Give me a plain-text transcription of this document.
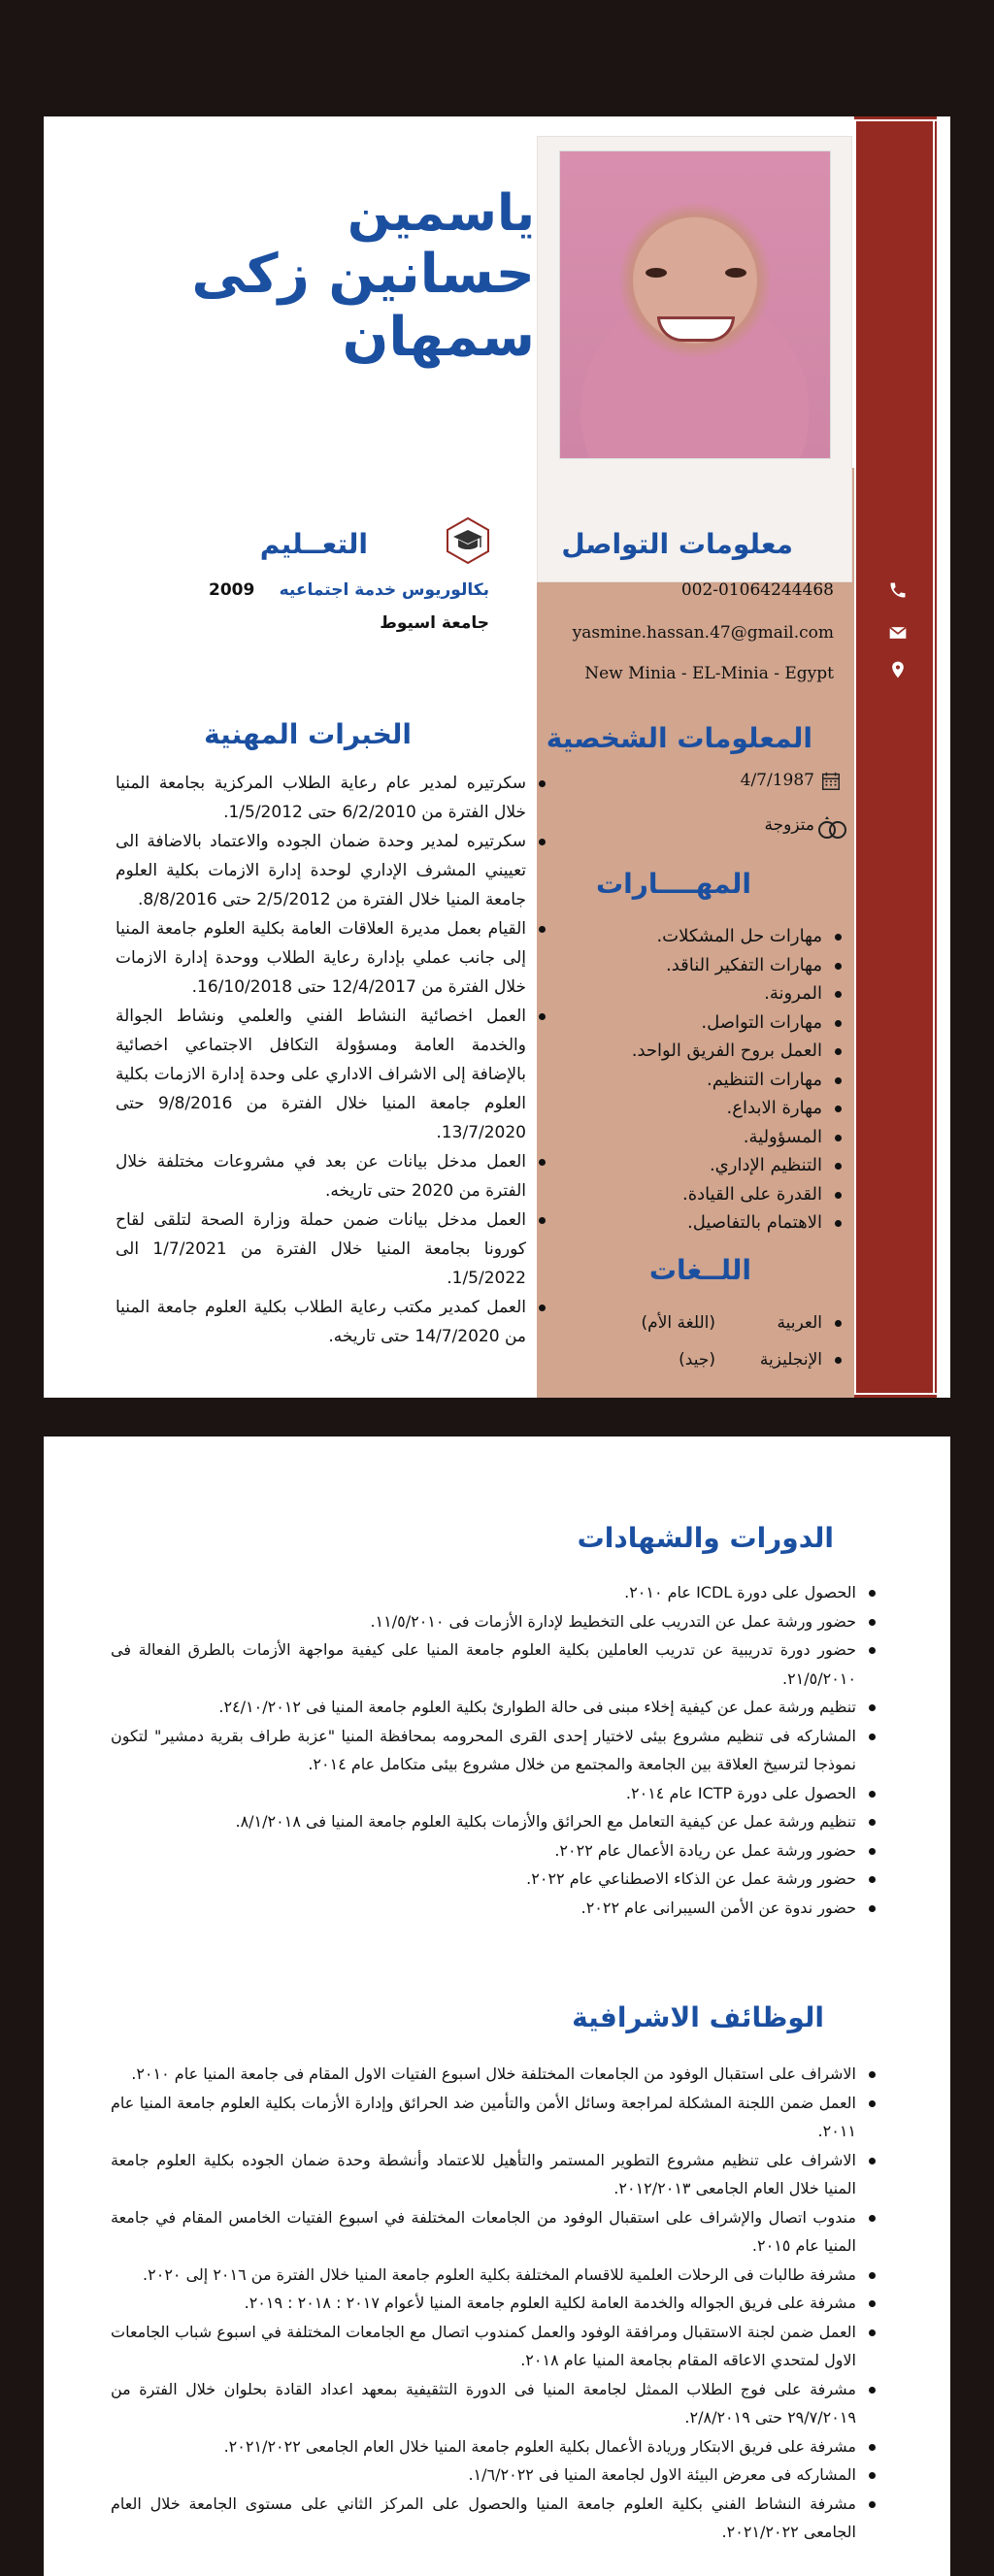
ياسمين
حسانين زكى سمهان
معلومات التواصل
002-01064244468
yasmine.hassan.47@gmail.com
New Minia - EL-Minia - Egypt
المعلومات الشخصية
4/7/1987
متزوجة
المهــــارات
مهارات حل المشكلات.
مهارات التفكير الناقد.
المرونة.
مهارات التواصل.
العمل بروح الفريق الواحد.
مهارات التنظيم.
مهارة الابداع.
المسؤولية.
التنظيم الإداري.
القدرة على القيادة.
الاهتمام بالتفاصيل.
اللــغات
العربية(اللغة الأم)
الإنجليزية(جيد)
التعــليم
بكالوريوس خدمة اجتماعيه
2009
جامعة اسيوط
الخبرات المهنية
سكرتيره لمدير عام رعاية الطلاب المركزية بجامعة المنيا خلال الفترة من 6/2/2010 حتى 1/5/2012.
سكرتيره لمدير وحدة ضمان الجوده والاعتماد بالاضافة الى تعييني المشرف الإداري لوحدة إدارة الازمات بكلية العلوم جامعة المنيا خلال الفترة من 2/5/2012 حتى 8/8/2016.
القيام بعمل مديرة العلاقات العامة بكلية العلوم جامعة المنيا إلى جانب عملي بإدارة رعاية الطلاب ووحدة إدارة الازمات خلال الفترة من 12/4/2017 حتى 16/10/2018.
العمل اخصائية النشاط الفني والعلمي ونشاط الجوالة والخدمة العامة ومسؤولة التكافل الاجتماعي اخصائية بالإضافة إلى الاشراف الاداري على وحدة إدارة الازمات بكلية العلوم جامعة المنيا خلال الفترة من 9/8/2016 حتى 13/7/2020.
العمل مدخل بيانات عن بعد في مشروعات مختلفة خلال الفترة من 2020 حتى تاريخه.
العمل مدخل بيانات ضمن حملة وزارة الصحة لتلقى لقاح كورونا بجامعة المنيا خلال الفترة من 1/7/2021 الى 1/5/2022.
العمل كمدير مكتب رعاية الطلاب بكلية العلوم جامعة المنيا من 14/7/2020 حتى تاريخه.
الدورات والشهادات
الحصول على دورة ICDL عام ٢٠١٠.
حضور ورشة عمل عن التدريب على التخطيط لإدارة الأزمات فى ١١/٥/٢٠١٠.
حضور دورة تدريبية عن تدريب العاملين بكلية العلوم جامعة المنيا على كيفية مواجهة الأزمات بالطرق الفعالة فى ٢١/٥/٢٠١٠.
تنظيم ورشة عمل عن كيفية إخلاء مبنى فى حالة الطوارئ بكلية العلوم جامعة المنيا فى ٢٤/١٠/٢٠١٢.
المشاركه فى تنظيم مشروع بيئى لاختيار إحدى القرى المحرومه بمحافظة المنيا "عزبة طراف بقرية دمشير" لتكون نموذجا لترسيخ العلاقة بين الجامعة والمجتمع من خلال مشروع بيئى متكامل عام ٢٠١٤.
الحصول على دورة ICTP عام ٢٠١٤.
تنظيم ورشة عمل عن كيفية التعامل مع الحرائق والأزمات بكلية العلوم جامعة المنيا فى ٨/١/٢٠١٨.
حضور ورشة عمل عن ريادة الأعمال عام ٢٠٢٢.
حضور ورشة عمل عن الذكاء الاصطناعي عام ٢٠٢٢.
حضور ندوة عن الأمن السيبرانى عام ٢٠٢٢.
الوظائف الاشرافية
الاشراف على استقبال الوفود من الجامعات المختلفة خلال اسبوع الفتيات الاول المقام فى جامعة المنيا عام ٢٠١٠.
العمل ضمن اللجنة المشكلة لمراجعة وسائل الأمن والتأمين ضد الحرائق وإدارة الأزمات بكلية العلوم جامعة المنيا عام ٢٠١١.
الاشراف على تنظيم مشروع التطوير المستمر والتأهيل للاعتماد وأنشطة وحدة ضمان الجوده بكلية العلوم جامعة المنيا خلال العام الجامعى ٢٠١٢/٢٠١٣.
مندوب اتصال والإشراف على استقبال الوفود من الجامعات المختلفة في اسبوع الفتيات الخامس المقام في جامعة المنيا عام ٢٠١٥.
مشرفة طالبات فى الرحلات العلمية للاقسام المختلفة بكلية العلوم جامعة المنيا خلال الفترة من ٢٠١٦ إلى ٢٠٢٠.
مشرفة على فريق الجواله والخدمة العامة لكلية العلوم جامعة المنيا لأعوام ٢٠١٧ : ٢٠١٨ : ٢٠١٩.
العمل ضمن لجنة الاستقبال ومرافقة الوفود والعمل كمندوب اتصال مع الجامعات المختلفة في اسبوع شباب الجامعات الاول لمتحدي الاعاقه المقام بجامعة المنيا عام ٢٠١٨.
مشرفة على فوج الطلاب الممثل لجامعة المنيا فى الدورة التثقيفية بمعهد اعداد القادة بحلوان خلال الفترة من ٢٩/٧/٢٠١٩ حتى ٢/٨/٢٠١٩.
مشرفة على فريق الابتكار وريادة الأعمال بكلية العلوم جامعة المنيا خلال العام الجامعى ٢٠٢١/٢٠٢٢.
المشاركه فى معرض البيئة الاول لجامعة المنيا فى ١/٦/٢٠٢٢.
مشرفة النشاط الفني بكلية العلوم جامعة المنيا والحصول على المركز الثاني على مستوى الجامعة خلال العام الجامعى ٢٠٢١/٢٠٢٢.
